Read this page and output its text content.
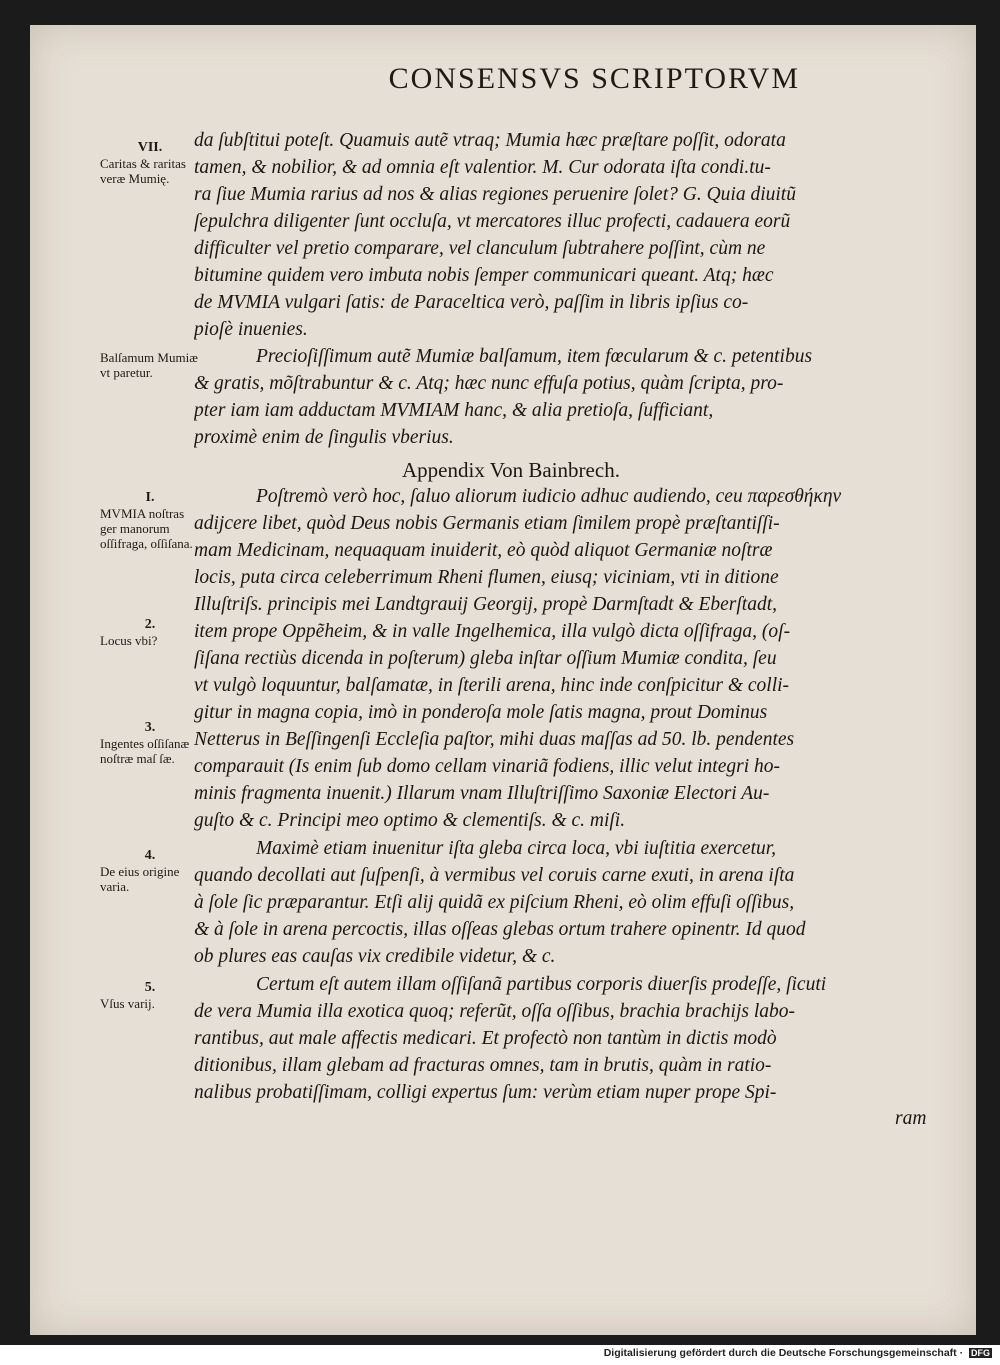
CONSENSVS SCRIPTORVM
VII.
Caritas & raritas veræ Mumię.
Balſamum Mumiæ vt paretur.
I.
MVMIA noſtras ger manorum oſſifraga, oſſiſana.
2.
Locus vbi?
3.
Ingentes oſſiſanæ noſtræ maſ ſæ.
4.
De eius origine varia.
5.
Vſus varij.
Appendix Von Bainbrech.
da ſubſtitui poteſt. Quamuis autẽ vtraq; Mumia hæc præſtare poſſit, odorata
tamen, & nobilior, & ad omnia eſt valentior. M. Cur odorata iſta condi.tu-
ra ſiue Mumia rarius ad nos & alias regiones peruenire ſolet? G. Quia diuitũ
ſepulchra diligenter ſunt occluſa, vt mercatores illuc profecti, cadauera eorũ
difficulter vel pretio comparare, vel clanculum ſubtrahere poſſint, cùm ne
bitumine quidem vero imbuta nobis ſemper communicari queant. Atq; hæc
de MVMIA vulgari ſatis: de Paraceltica verò, paſſim in libris ipſius co-
pioſè inuenies.
Precioſiſſimum autẽ Mumiæ balſamum, item fœcularum & c. petentibus
& gratis, mõſtrabuntur & c. Atq; hæc nunc effuſa potius, quàm ſcripta, pro-
pter iam iam adductam MVMIAM hanc, & alia pretioſa, ſufficiant,
proximè enim de ſingulis vberius.
Poſtremò verò hoc, ſaluo aliorum iudicio adhuc audiendo, ceu παρεσθήκην
adijcere libet, quòd Deus nobis Germanis etiam ſimilem propè præſtantiſſi-
mam Medicinam, nequaquam inuiderit, eò quòd aliquot Germaniæ noſtræ
locis, puta circa celeberrimum Rheni flumen, eiusq; viciniam, vti in ditione
Illuſtriſs. principis mei Landtgrauij Georgij, propè Darmſtadt & Eberſtadt,
item prope Oppẽheim, & in valle Ingelhemica, illa vulgò dicta oſſifraga, (oſ-
ſiſana rectiùs dicenda in poſterum) gleba inſtar oſſium Mumiæ condita, ſeu
vt vulgò loquuntur, balſamatæ, in ſterili arena, hinc inde conſpicitur & colli-
gitur in magna copia, imò in ponderoſa mole ſatis magna, prout Dominus
Netterus in Beſſingenſi Eccleſia paſtor, mihi duas maſſas ad 50. lb. pendentes
comparauit (Is enim ſub domo cellam vinariã fodiens, illic velut integri ho-
minis fragmenta inuenit.) Illarum vnam Illuſtriſſimo Saxoniæ Electori Au-
guſto & c. Principi meo optimo & clementiſs. & c. miſi.
Maximè etiam inuenitur iſta gleba circa loca, vbi iuſtitia exercetur,
quando decollati aut ſuſpenſi, à vermibus vel coruis carne exuti, in arena iſta
à ſole ſic præparantur. Etſi alij quidã ex piſcium Rheni, eò olim effuſi oſſibus,
& à ſole in arena percoctis, illas oſſeas glebas ortum trahere opinentr. Id quod
ob plures eas cauſas vix credibile videtur, & c.
Certum eſt autem illam oſſiſanã partibus corporis diuerſis prodeſſe, ſicuti
de vera Mumia illa exotica quoq; referũt, oſſa oſſibus, brachia brachijs labo-
rantibus, aut male affectis medicari. Et profectò non tantùm in dictis modò
ditionibus, illam glebam ad fracturas omnes, tam in brutis, quàm in ratio-
nalibus probatiſſimam, colligi expertus ſum: verùm etiam nuper prope Spi-
ram
Digitalisierung gefördert durch die Deutsche Forschungsgemeinschaft · DFG
